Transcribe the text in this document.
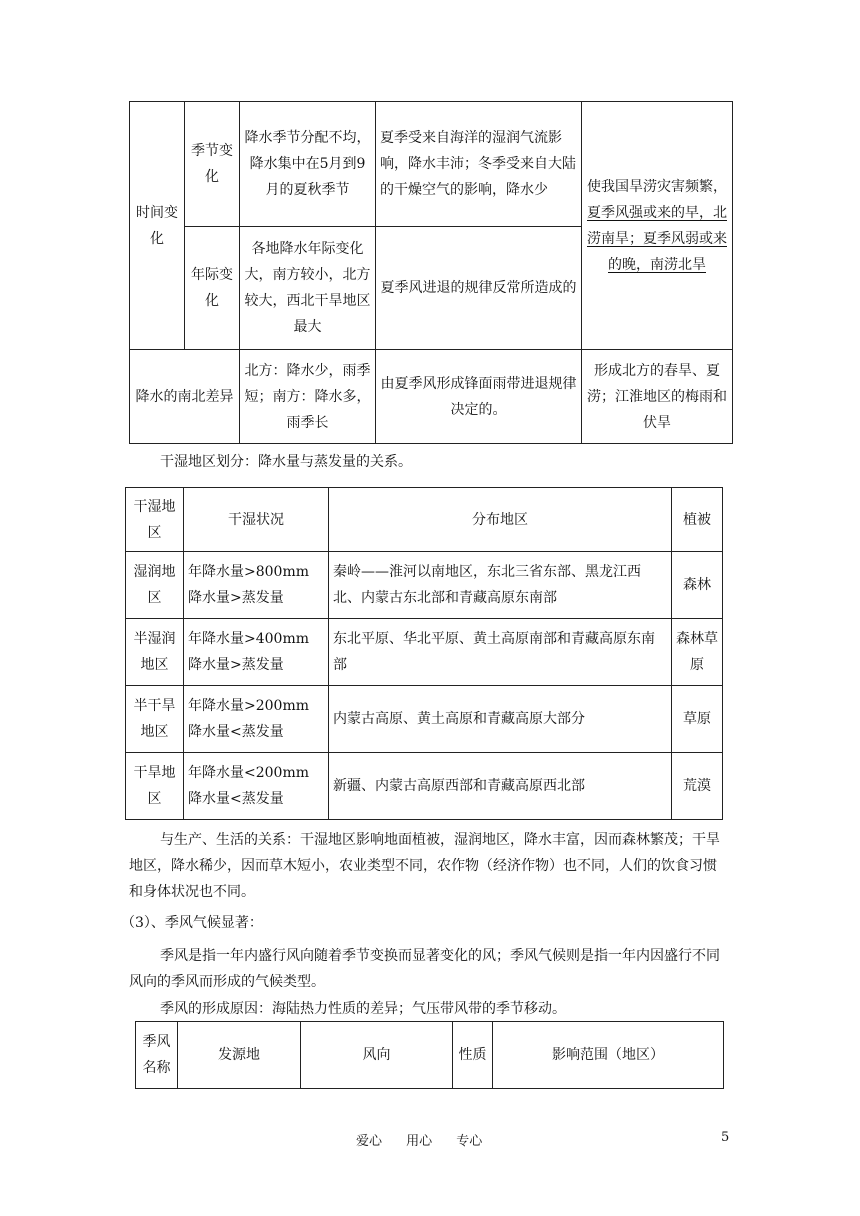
时间变化	季节变化	降水季节分配不均，降水集中在5月到9月的夏秋季节	夏季受来自海洋的湿润气流影响，降水丰沛；冬季受来自大陆的干燥空气的影响，降水少	使我国旱涝灾害频繁，夏季风强或来的早，北涝南旱；夏季风弱或来的晚，南涝北旱
	年际变化	各地降水年际变化大，南方较小，北方较大，西北干旱地区最大	夏季风进退的规律反常所造成的	
降水的南北差异		北方：降水少，雨季短；南方：降水多，雨季长	由夏季风形成锋面雨带进退规律决定的。	形成北方的春旱、夏涝；江淮地区的梅雨和伏旱

干湿地区划分：降水量与蒸发量的关系。

干湿地区	干湿状况	分布地区	植被
湿润地区	年降水量>800mm 降水量>蒸发量	秦岭——淮河以南地区，东北三省东部、黑龙江西北、内蒙古东北部和青藏高原东南部	森林
半湿润地区	年降水量>400mm 降水量>蒸发量	东北平原、华北平原、黄土高原南部和青藏高原东南部	森林草原
半干旱地区	年降水量>200mm 降水量<蒸发量	内蒙古高原、黄土高原和青藏高原大部分	草原
干旱地区	年降水量<200mm 降水量<蒸发量	新疆、内蒙古高原西部和青藏高原西北部	荒漠

与生产、生活的关系：干湿地区影响地面植被，湿润地区，降水丰富，因而森林繁茂；干旱地区，降水稀少，因而草木短小，农业类型不同，农作物（经济作物）也不同，人们的饮食习惯和身体状况也不同。

（3）、季风气候显著：

季风是指一年内盛行风向随着季节变换而显著变化的风；季风气候则是指一年内因盛行不同风向的季风而形成的气候类型。

季风的形成原因：海陆热力性质的差异；气压带风带的季节移动。

季风名称	发源地	风向	性质	影响范围（地区）
爱心 用心 专心	5
